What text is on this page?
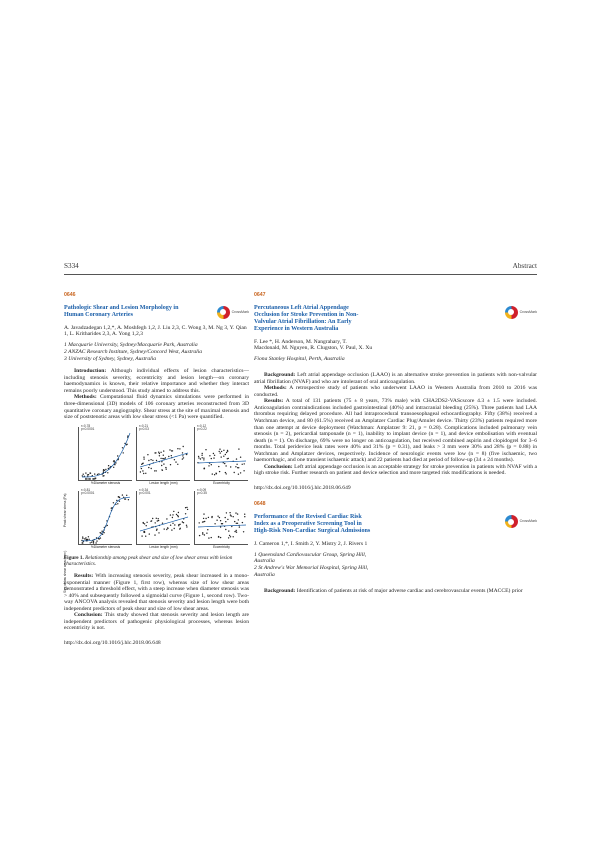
S334	Abstract
0646
Pathologic Shear and Lesion Morphology in Human Coronary Arteries	CrossMark
A. Javadzadegan 1,2,*, A. Moshfegh 1,2, J. Liu 2,3, C. Wong 3, M. Ng 3, Y. Qian 1, L. Kritharides 2,3, A. Yong 1,2,3
1 Macquarie University, Sydney/Macquarie Park, Australia
2 ANZAC Research Institute, Sydney/Concord West, Australia
3 University of Sydney, Sydney, Australia
Introduction: Although individual effects of lesion characteristics—including stenosis severity, eccentricity and lesion length—on coronary haemodynamics is known, their relative importance and whether they interact remains poorly understood. This study aimed to address this.
Methods: Computational fluid dynamics simulations were performed in three-dimensional (3D) models of 106 coronary arteries reconstructed from 3D quantitative coronary angiography. Shear stress at the site of maximal stenosis and size of poststenotic areas with low shear stress (<1 Pa) were quantified.
Peak shear stress (Pa)
Size of low shear area (mm²)
r=0.78
p<0.0001
%Diameter stenosis
r=0.21
p=0.03
Lesion length (mm)
r=0.12
p=0.22
Eccentricity
r=0.81
p<0.0001
%Diameter stenosis
r=0.34
p=0.001
Lesion length (mm)
r=0.09
p=0.35
Eccentricity
Figure 1. Relationship among peak shear and size of low shear areas with lesion characteristics.
Results: With increasing stenosis severity, peak shear increased in a mono-exponential manner (Figure 1, first row), whereas size of low shear areas demonstrated a threshold effect, with a steep increase when diameter stenosis was > 40% and subsequently followed a sigmoidal curve (Figure 1, second row). Two-way ANCOVA analysis revealed that stenosis severity and lesion length were both independent predictors of peak shear and size of low shear areas.
Conclusion: This study showed that stenosis severity and lesion length are independent predictors of pathogenic physiological processes, whereas lesion eccentricity is not.
http://dx.doi.org/10.1016/j.hlc.2018.06.648
0647
Percutaneous Left Atrial Appendage Occlusion for Stroke Prevention in Non-Valvular Atrial Fibrillation: An Early Experience in Western Australia
CrossMark
F. Lee *, H. Anderson, M. Nangrahary, T. Macdonald, M. Nguyen, R. Clugston, V. Paul, X. Xu
Fiona Stanley Hospital, Perth, Australia
Background: Left atrial appendage occlusion (LAAO) is an alternative stroke prevention in patients with non-valvular atrial fibrillation (NVAF) and who are intolerant of oral anticoagulation.
Methods: A retrospective study of patients who underwent LAAO in Western Australia from 2010 to 2016 was conducted.
Results: A total of 131 patients (75 ± 8 years, 73% male) with CHA2DS2-VAScscore 4.3 ± 1.5 were included. Anticoagulation contraindications included gastrointestinal (40%) and intracranial bleeding (25%). Three patients had LAA thrombus requiring delayed procedure. All had intraprocedural transoesophageal echocardiography. Fifty (38%) received a Watchman device, and 80 (61.5%) received an Amplatzer Cardiac Plug/Amulet device. Thirty (23%) patients required more than one attempt at device deployment (Watchman: Amplatzer 9: 21, p = 0.28). Complications included pulmonary vein stenosis (n = 2), pericardial tamponade (n = 1), inability to implant device (n = 1), and device embolisation with eventual death (n = 1). On discharge, 69% were no longer on anticoagulation, but received combined aspirin and clopidogrel for 3–6 months. Total peridevice leak rates were 40% and 31% (p = 0.31), and leaks > 3 mm were 30% and 28% (p = 0.88) in Watchman and Amplatzer devices, respectively. Incidence of neurologic events were low (n = 8) (five ischaemic, two haemorrhagic, and one transient ischaemic attack) and 22 patients had died at period of follow-up (34 ± 24 months).
Conclusion: Left atrial appendage occlusion is an acceptable strategy for stroke prevention in patients with NVAF with a high stroke risk. Further research on patient and device selection and more targeted risk modifications is needed.
http://dx.doi.org/10.1016/j.hlc.2018.06.649
0648
Performance of the Revised Cardiac Risk Index as a Preoperative Screening Tool in High-Risk Non-Cardiac Surgical Admissions
CrossMark
J. Cameron 1,*, I. Smith 2, Y. Mistry 2, J. Rivers 1
1 Queensland Cardiovascular Group, Spring Hill, Australia
2 St Andrew's War Memorial Hospital, Spring Hill, Australia
Background: Identification of patients at risk of major adverse cardiac and cerebrovascular events (MACCE) prior
